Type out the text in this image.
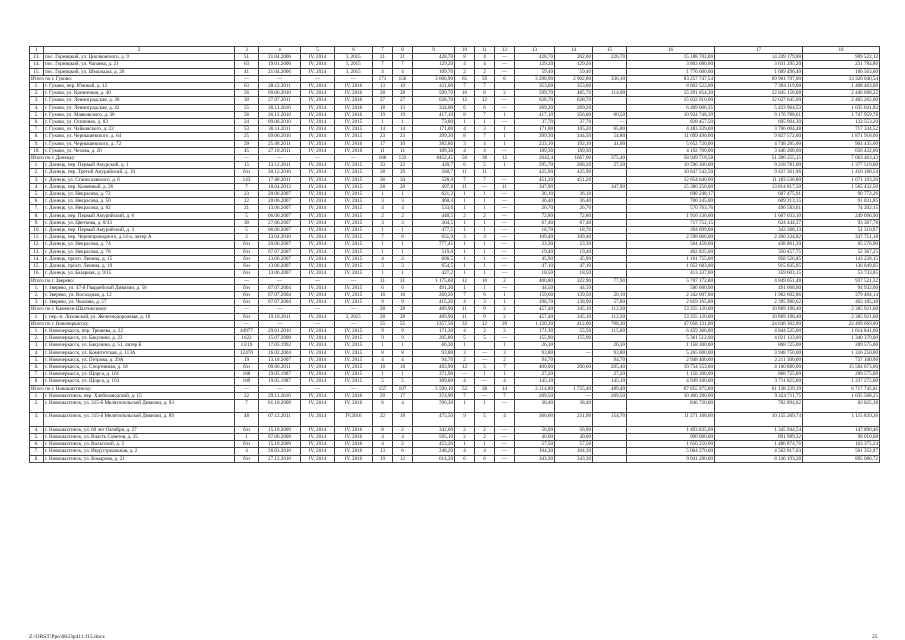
1	2	3	4	5	6	7	8	9	10	11	12	13	14	15	16	17	18
13.	пос. Горняцкий, ул. Циолковского, д. 9	51	21.04.2006	IV, 2014	I, 2015	21	21	428,70	8	4	—	428,70	202,00	226,70	15 188 702,00	14 249 179,88	909 522,12
14.	пос. Горняцкий, ул. Чапаева, д. 21	63	19.01.2006	IV, 2014	I, 2015	7	7	129,20	4	4	—	129,20	129,20		3 863 080,00	3 631 295,20	231 784,80
15.	пос. Горняцкий, ул. Шмальцоа, д. 26	41	21.04.2006	IV, 2014	I, 2015	4	4	109,70	2	2	—	59,40	59,40		1 776 600,00	1 669 496,40	106 563,60
Итого по г. Гуково:		—	—	—	—	171	156	3 606,90	65	59	6	3 298,90	2 962,80	336,10	83 257 747,54	69 961 707,00	13 326 040,54
1.	г. Гуково, пер. Южный, д. 12	63	28.12.2011	IV, 2014	IV, 2016	13	10	411,00	7	7		353,60	353,60		8 802 522,00	7 394 119,00	1 408 403,00
2.	г. Гуково, ул. Криничная, д. 40	26	09.06.2010	IV, 2014	IV, 2016	28	28	599,70	10	8	2	599,70	485,70	114,00	15 291 854,30	12 845 156,08	2 446 698,22
3.	г. Гуково, ул. Ленинградская, д. 30	30	27.07.2011	IV, 2014	IV, 2016	27	27	628,70	12	12	—	628,70	628,70		15 032 910,00	12 627 645,00	2 405 265,00
4.	г. Гуково, ул. Ленинградская, д. 42	55	26.11.2010	IV, 2014	IV, 2016	18	13	334,00	6	6	—	269,20	269,20		6 469 006,35	5 433 964,53	1 035 041,82
5.	г. Гуково, ул. Маяковского, д. 30	56	26.12.2010	IV, 2014	IV, 2016	19	19	417,10	8	7	1	417,10	356,60	60,50	10 924 748,39	9 176 788,61	1 747 959,78
6.	г. Гуково, ул. Осипенко, д. 83	34	09.06.2010	IV, 2014	IV, 2015	1	1	73,80	1	1	—	37,70	37,70	—	828 457,50	695 904,30	132 553,20
7.	г. Гуково, ул. Чайковского, д. 22	53	30.11.2011	IV, 2014	IV, 2015	14	14	171,00	4	3	1	171,00	105,20	65,80	4 483 339,00	3 766 004,48	717 334,52
8.	г. Гуково, ул. Чернышевского, д. 64	25	09.06.2010	IV, 2014	IV, 2015	23	23	399,30	8	7	1	399,30	344,50	54,80	11 699 490,00	9 827 572,00	1 871 918,00
9.	г. Гуково, ул. Чернышевского, д. 72	39	25.08.2011	IV, 2014	IV, 2016	17	10	382,80	3	4	1	233,10	192,10	41,00	5 652 720,00	4 748 285,00	904 435,00
10.	г. Гуково, ул. Чехова, д. 20	45	27.10.2011	IV, 2014	IV, 2016	11	11	189,30	4	4	—	189,30	189,30		4 102 700,00	3 446 268,00	656 432,00
Итого по г. Донецку:		—	—	—	—	166	133	8452,45	50	38	12	2042,4	1667,00	375,40	58 949 718,58	51 286 255,15	7 663 463,43
1.	г. Донецк, пер. Первый Амурский, д. 1	15	13.12.2011	IV, 2014	IV, 2015	33	22	420,7	6	5	1	295,70	268,20	27,50	10 596 300,00	9 218 781,00	1 377 519,00
2.	г. Донецк, пер. Третий Амурийский, д. 10	б/н	30.12.2010	IV, 2014	IV, 2015	38	29	560,7	11	11		425,90	425,90		10 847 542,50	9 437 361,96	1 410 180,54
3.	г. Донецк, ул. Станиславского, д. 6	143	17.08.2011	IV, 2014	IV, 2015	36	34	528,4	7	7	—	451,20	451,20		12 854 640,00	11 183 536,80	1 671 103,20
4.	г. Донецк, пер. Кожевный, д. 26	7	18.04.2013	IV, 2014	IV, 2015	28	20	497,8	11	—	11	347,90		347,90	15 380 250,00	13 814 817,50	1 565 432,50
5.	г. Донецк, ул. Некрасова, д. 72	23	20.06.2007	IV, 2014	IV, 2015	1	1	621,2	1	1	—	36,10	36,10		698 248,17	607 475,91	90 772,26
6.	г. Донецк, ул. Некрасова, д. 50	22	20.06.2007	IV, 2014	IV, 2015	3	3	460,4	1	1	—	36,40	36,40		700 245,00	609 213,15	91 031,85
7.	г. Донецк, ул. Некрасова, д. 82	21	13.06.2007	IV, 2014	IV, 2015	4	4	533,6	1	1	—	26,70	26,70		570 763,76	496 583,61	74 202,15
8.	г. Донецк, пер. Первый Амурийский, д. 6	5	06.06.2007	IV, 2014	IV, 2015	2	2	440,5	2	2	—	72,80	72,80		1 916 130,00	1 667 033,10	249 096,90
9.	г. Донецк, ул. Цветкова, д. 8/33	30	27.06.2007	IV, 2014	IV, 2015	3	3	304,5	1	1	—	67,40	67,40		717 752,15	624 444,37	93 307,78
10.	г. Донецк, пер. Первый Амурийский, д. 3	5	06.06.2007	IV, 2014	IV, 2015	1	1	477,5	1	1	—	18,70	18,70		394 699,00	343 388,13	51 310,87
11.	г. Донецк, пер. Чернопроводного, д.14-а, литер А	2	13.04.2010	IV, 2014	IV, 2015	7	6	651,9	3	3	—	109,40	109,40		2 598 066,00	2 260 334,82	337 751,18
12.	г. Донецк, ул. Некрасова, д. 74	б/н	20.06.2007	IV, 2014	IV, 2015	1	1	777,45	1	1	—	23,30	23,30		504 458,00	438 861,20	65 576,90
13.	г. Донецк, ул. Некрасова, д. 78	б/н	07.07.2007	IV, 2014	IV, 2015	1	1	519,6	1	1	—	19,40	19,40		402 825,00	350 457,75	52 367,25
14.	г. Донецк, просп. Ленина, д. 15	б/н	13.06.2007	IV, 2014	IV, 2015	4	2	606,5	1	1	—	45,90	45,90		1 101 755,00	958 526,85	143 228,15
15.	г. Донецк, просп. Ленина, д. 19	б/н	13.06.2007	IV, 2014	IV, 2015	3	3	654,5	1	1	—	47,10	47,10		1 052 683,00	915 835,95	136 849,05
16.	г. Донецк, ул. Базарная, д. 9/15	б/н	13.06.2007	IV, 2014	IV, 2015	1	1	427,2	1	1	—	18,50	18,50		413 337,00	359 603,15	53 733,85
Итого по г. Зверево:		—	—	—	—	31	31	1 175,60	12	10	2	400,80	322,90	77,90	5 787 172,80	4 849 651,48	937 521,32
1.	г. Зверево, ул. 47-й Гвардейской Дивизии, д. 56	б/н	07.07.2004	IV, 2014	IV, 2015	6	6	491,30	1	1	—	44,50	44,50		586 000,00	491 068,00	94 932,00
2.	г. Зверево, ул. Восходная, д. 12	б/н	07.07.2004	IV, 2014	IV, 2015	16	16	269,20	7	6	1	159,60	139,50	20,10	2 342 007,00	1 962 602,86	379 404,14
3.	г. Зверево, ул. Чкалова, д. 57	б/н	07.07.2004	IV, 2014	IV, 2015	9	9	415,20	4	3	1	196,70	138,90	57,80	2 859 165,80	2 395 980,62	463 185,18
Итого по г. Каменск-Шахтинскому:		—	—	—	—	28	28	489,90	11	9	2	457,40	345,10	112,30	13 255 120,00	10 869 198,40	2 385 921,60
1.	г. пер.-п. Лиховской, ул. Железнодорожная, д. 10	б/н	19.10.2011	IV, 2014	I, 2015	28	28	489,90	11	9	2	457,40	345,10	112,30	13 255 120,00	10 869 198,40	2 385 921,60
Итого по г. Новочеркасску:		—	—	—	—	55	55	1357,50	32	12	20	1 120,30	412,00	708,30	47 058 131,00	24 648 362,00	22 409 669,00
1.	г. Новочеркасск, пер. Трешева, д. 22	44977	29.01.2010	IV, 2014	IV, 2015	9	9	171,30	4	2	2	171,30	55,50	115,80	6 459 366,00	4 844 525,00	1 614 841,00
2.	г. Новочеркасск, ул. Бакунина, д. 23	1622	15.07.2008	IV, 2014	IV, 2015	9	9	205,80	5	5	—	155,90	155,90		5 361 512,00	4 021 133,00	1 340 379,00
3.	г. Новочеркасск, ул. Бакунина, д. 51, литер Б	13/19	17.05.1992	IV, 2014	IV, 2015	1	1	66,30	1		1	26,30		26,30	1 158 300,00	868 725,00	289 575,00
4.	г. Новочеркасск, ул. Комитетская, д. 113А	12470	26.02.2004	IV, 2014	IV, 2015	8	8	93,80	3	—	3	93,80	—	93,80	5 265 000,00	3 948 750,00	1 316 250,00
5.	г. Новочеркасск, ул. Петрова, д. 29А	19	13.10.2007	IV, 2014	IV, 2015	4	4	94,70	2	—	2	94,70		94,70	2 948 400,00	2 211 300,00	737 100,00
6.	г. Новочеркасск, ул. Спортивная, д. 18	б/н	09.06.2011	IV, 2014	IV, 2015	18	18	483,90	12	5	7	400,00	200,60	205,40	19 754 553,00	4 160 880,00	15 584 673,00
7.	г. Новочеркасск, ул. Щорса, д. 161	188	19.05.1987	IV, 2014	IV, 2015	1	1	371,90	—	1	1	27,20		27,20	1 158 300,00	868 725,00	289 575,00
8.	г. Новочеркасск, ул. Щорса, д. 163	189	19.05.1987	IV, 2014	IV, 2015	5	5	369,80	4	—	4	145,10		145,10	4 949 100,00	3 711 825,00	1 237 275,00
Итого по г. Новошахтинску:		—	—	—	—	157	107	5 590,10	52	38	14	2 214,80	1 725,40	489,40	67 855 975,00	61 138 229,19	6 717 745,81
1.	г. Новошахтинск, пер. Хлебозаводской, д. 15	22	29.11.2010	IV, 2014	IV, 2016	20	17	374,90	7	—	7	209,50	—	209,50	10 460 280,00	9 424 711,75	1 035 568,25
2.	г. Новошахтинск, ул. 315-й Мелитопольской Дивизии, д. 83	7	01.10.2008	IV, 2014	IV, 2016	6	4	700,30	1	1	—	38,40	38,40		846 720,00	762 894,62	83 825,38
3.	г. Новошахтинск, ул. 315-й Мелитопольской Дивизии, д. 89	48	07.12.2011	IV, 2014	IV,2016	22	18	475,50	9	5	4	366,60	211,90	154,70	11 271 108,00	10 155 269,74	1 115 839,26
4.	г. Новошахтинск, ул. 60 лет Октября, д. 27	б/н	15.10.2009	IV, 2014	IV, 2016	8	2	342,60	2	2	—	56,90	56,90		1 493 835,00	1 345 944,54	147 890,46
5.	г. Новошахтинск, ул. Власть Советов, д. 25	1	07.06.2008	IV, 2014	IV, 2016	4	4	595,10	2	2	—	40,60	40,60		990 000,00	891 989,32	98 010,68
6.	г. Новошахтинск, ул. Вольгской, д. 2	б/н	15.10.2009	IV, 2014	IV, 2016	4	2	453,20	1	1	—	57,50	57,50		1 650 250,00	1 486 874,76	163 375,24
7.	г. Новошахтинск, ул. Индустриальная, д. 2	4	26.03.2010	IV, 2014	IV, 2016	13	6	248,20	4	4	—	104,30	104,30		5 064 270,00	4 562 817,03	501 352,97
8.	г. Новошахтинск, ул. Комарова, д. 21	б/н	27.12.2010	IV, 2014	IV, 2016	19	12	614,20	6	6	—	343,30	343,30		9 041 280,00	8 146 193,28	895 086,72
Z:\ORST\Ppo\0623p411.f15.docx	25
